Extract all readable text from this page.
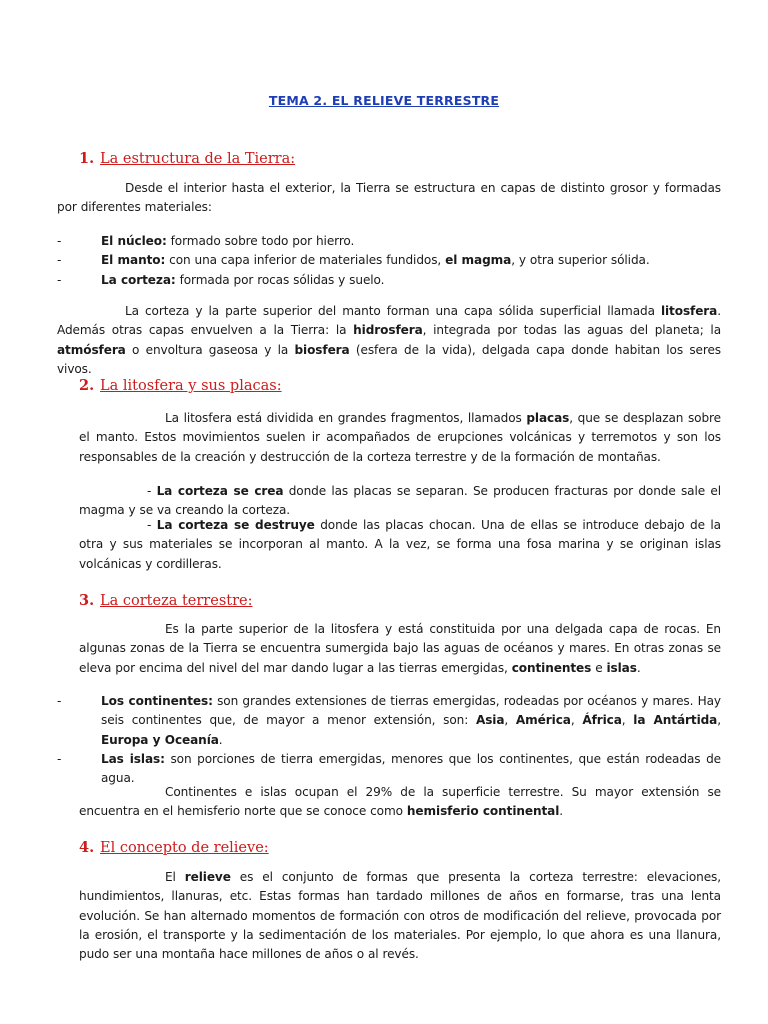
TEMA 2. EL RELIEVE TERRESTRE
1. La estructura de la Tierra:

Desde el interior hasta el exterior, la Tierra se estructura en capas de distinto grosor y formadas por diferentes materiales:

-	El núcleo: formado sobre todo por hierro.
-	El manto: con una capa inferior de materiales fundidos, el magma, y otra superior sólida.
-	La corteza: formada por rocas sólidas y suelo.

La corteza y la parte superior del manto forman una capa sólida superficial llamada litosfera. Además otras capas envuelven a la Tierra: la hidrosfera, integrada por todas las aguas del planeta; la atmósfera o envoltura gaseosa y la biosfera (esfera de la vida), delgada capa donde habitan los seres vivos.

2. La litosfera y sus placas:

La litosfera está dividida en grandes fragmentos, llamados placas, que se desplazan sobre el manto. Estos movimientos suelen ir acompañados de erupciones volcánicas y terremotos y son los responsables de la creación y destrucción de la corteza terrestre y de la formación de montañas.

- La corteza se crea donde las placas se separan. Se producen fracturas por donde sale el magma y se va creando la corteza.

- La corteza se destruye donde las placas chocan. Una de ellas se introduce debajo de la otra y sus materiales se incorporan al manto. A la vez, se forma una fosa marina y se originan islas volcánicas y cordilleras.

3. La corteza terrestre:

Es la parte superior de la litosfera y está constituida por una delgada capa de rocas. En algunas zonas de la Tierra se encuentra sumergida bajo las aguas de océanos y mares. En otras zonas se eleva por encima del nivel del mar dando lugar a las tierras emergidas, continentes e islas.

-	Los continentes: son grandes extensiones de tierras emergidas, rodeadas por océanos y mares. Hay seis continentes que, de mayor a menor extensión, son: Asia, América, África, la Antártida, Europa y Oceanía.
-	Las islas: son porciones de tierra emergidas, menores que los continentes, que están rodeadas de agua.

Continentes e islas ocupan el 29% de la superficie terrestre. Su mayor extensión se encuentra en el hemisferio norte que se conoce como hemisferio continental.

4. El concepto de relieve:

El relieve es el conjunto de formas que presenta la corteza terrestre: elevaciones, hundimientos, llanuras, etc. Estas formas han tardado millones de años en formarse, tras una lenta evolución. Se han alternado momentos de formación con otros de modificación del relieve, provocada por la erosión, el transporte y la sedimentación de los materiales. Por ejemplo, lo que ahora es una llanura, pudo ser una montaña hace millones de años o al revés.
